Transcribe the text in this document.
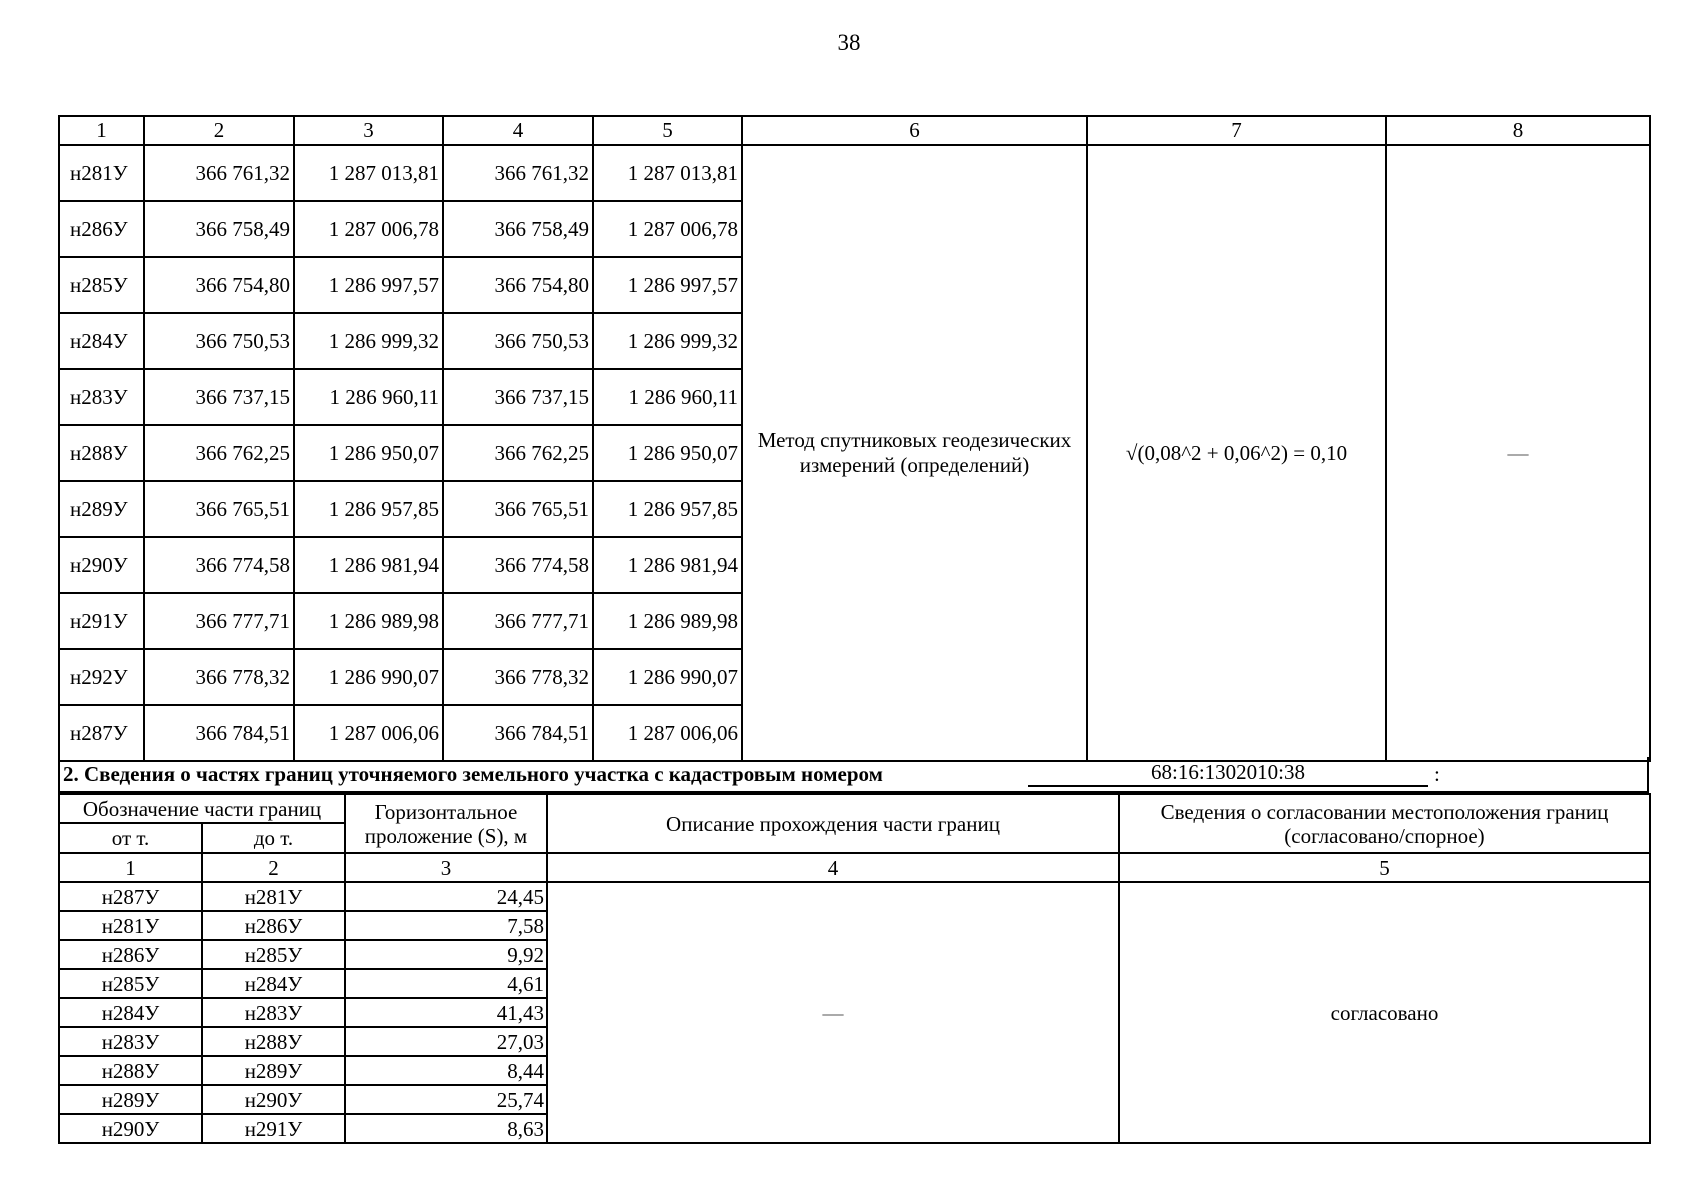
38
1	2	3	4	5	6	7	8
н281У	366 761,32	1 287 013,81	366 761,32	1 287 013,81	Метод спутниковых геодезических измерений (определений)	√(0,08^2 + 0,06^2) = 0,10	—
н286У	366 758,49	1 287 006,78	366 758,49	1 287 006,78			
н285У	366 754,80	1 286 997,57	366 754,80	1 286 997,57			
н284У	366 750,53	1 286 999,32	366 750,53	1 286 999,32			
н283У	366 737,15	1 286 960,11	366 737,15	1 286 960,11			
н288У	366 762,25	1 286 950,07	366 762,25	1 286 950,07			
н289У	366 765,51	1 286 957,85	366 765,51	1 286 957,85			
н290У	366 774,58	1 286 981,94	366 774,58	1 286 981,94			
н291У	366 777,71	1 286 989,98	366 777,71	1 286 989,98			
н292У	366 778,32	1 286 990,07	366 778,32	1 286 990,07			
н287У	366 784,51	1 287 006,06	366 784,51	1 287 006,06			
2. Сведения о частях границ уточняемого земельного участка с кадастровым номером	68:16:1302010:38	:
Обозначение части границ		Горизонтальное проложение (S), м	Описание прохождения части границ	Сведения о согласовании местоположения границ (согласовано/спорное)
от т.	до т.			
1	2	3	4	5
н287У	н281У	24,45	—	согласовано
н281У	н286У	7,58		
н286У	н285У	9,92		
н285У	н284У	4,61		
н284У	н283У	41,43		
н283У	н288У	27,03		
н288У	н289У	8,44		
н289У	н290У	25,74		
н290У	н291У	8,63		
